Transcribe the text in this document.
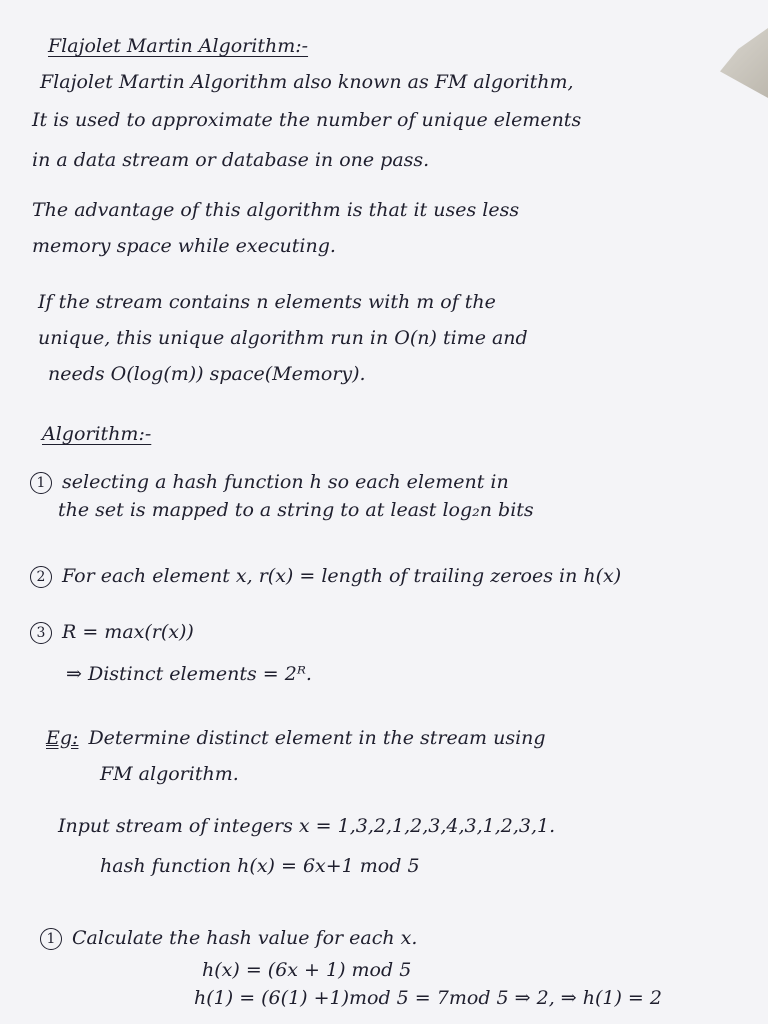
Flajolet Martin Algorithm:-
Flajolet Martin Algorithm also known as FM algorithm,
It is used to approximate the number of unique elements
in a data stream or database in one pass.
The advantage of this algorithm is that it uses less
memory space while executing.
If the stream contains n elements with m of the
unique, this unique algorithm run in O(n) time and
needs O(log(m)) space(Memory).
Algorithm:-
1 selecting a hash function h so each element in
the set is mapped to a string to at least log₂n bits
2 For each element x, r(x) = length of trailing zeroes in h(x)
3 R = max(r(x))
⇒ Distinct elements = 2ᴿ.
Eg: Determine distinct element in the stream using
FM algorithm.
Input stream of integers x = 1,3,2,1,2,3,4,3,1,2,3,1.
hash function h(x) = 6x+1 mod 5
1 Calculate the hash value for each x.
h(x) = (6x + 1) mod 5
h(1) = (6(1) +1)mod 5 = 7mod 5 ⇒ 2, ⇒ h(1) = 2
